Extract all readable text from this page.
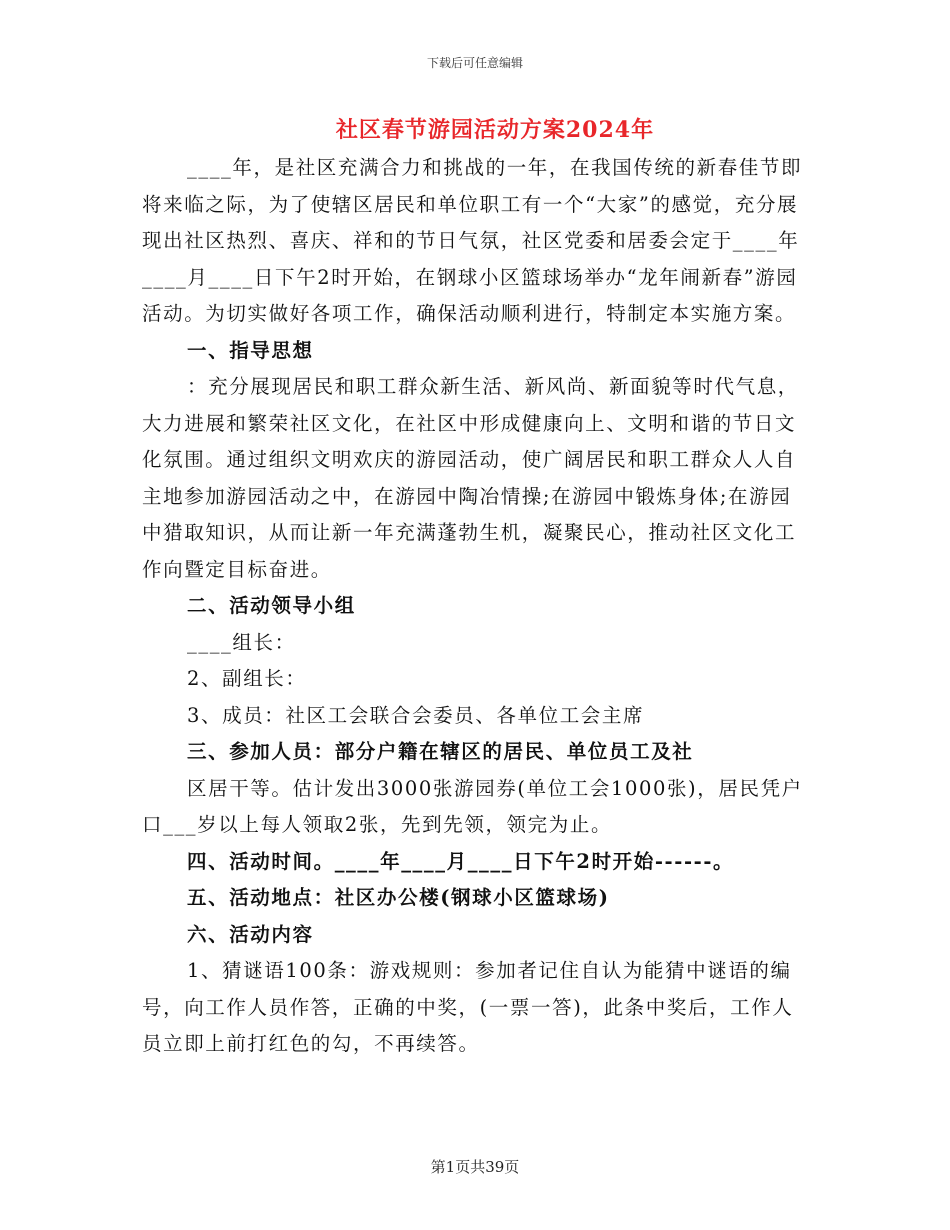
下载后可任意编辑
社区春节游园活动方案2024年

____年，是社区充满合力和挑战的一年，在我国传统的新春佳节即将来临之际，为了使辖区居民和单位职工有一个“大家”的感觉，充分展现出社区热烈、喜庆、祥和的节日气氛，社区党委和居委会定于____年____月____日下午2时开始，在钢球小区篮球场举办“龙年闹新春”游园活动。为切实做好各项工作，确保活动顺利进行，特制定本实施方案。

一、指导思想

：充分展现居民和职工群众新生活、新风尚、新面貌等时代气息，大力进展和繁荣社区文化，在社区中形成健康向上、文明和谐的节日文化氛围。通过组织文明欢庆的游园活动，使广阔居民和职工群众人人自主地参加游园活动之中，在游园中陶冶情操;在游园中锻炼身体;在游园中猎取知识，从而让新一年充满蓬勃生机，凝聚民心，推动社区文化工作向暨定目标奋进。

二、活动领导小组

____组长：

2、副组长：

3、成员：社区工会联合会委员、各单位工会主席

三、参加人员：部分户籍在辖区的居民、单位员工及社

区居干等。估计发出3000张游园券(单位工会1000张)，居民凭户口___岁以上每人领取2张，先到先领，领完为止。

四、活动时间。____年____月____日下午2时开始------。

五、活动地点：社区办公楼(钢球小区篮球场)

六、活动内容

1、猜谜语100条：游戏规则：参加者记住自认为能猜中谜语的编号，向工作人员作答，正确的中奖，(一票一答)，此条中奖后，工作人员立即上前打红色的勾，不再续答。

第1页共39页
